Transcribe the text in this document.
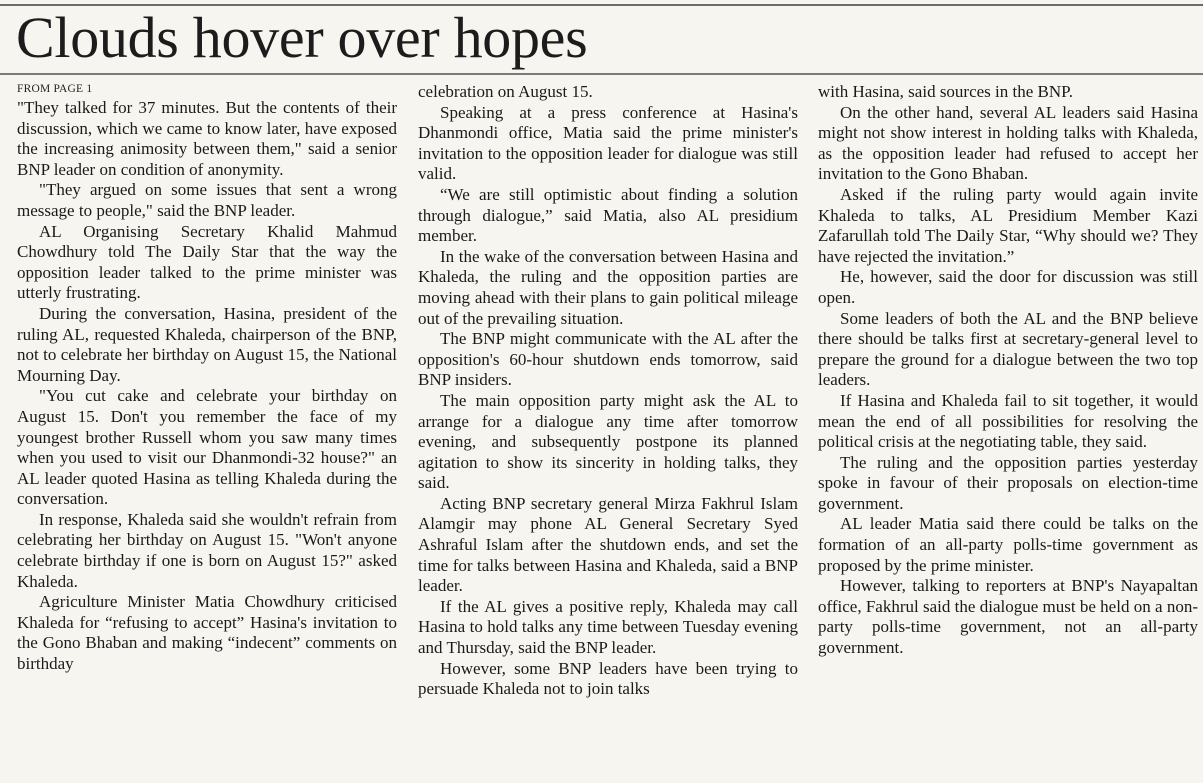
Clouds hover over hopes
FROM PAGE 1

"They talked for 37 minutes. But the contents of their discussion, which we came to know later, have exposed the increasing animosity between them," said a senior BNP leader on condition of anonymity.

"They argued on some issues that sent a wrong message to people," said the BNP leader.

AL Organising Secretary Khalid Mahmud Chowdhury told The Daily Star that the way the opposition leader talked to the prime minister was utterly frustrating.

During the conversation, Hasina, president of the ruling AL, requested Khaleda, chairperson of the BNP, not to celebrate her birthday on August 15, the National Mourning Day.

"You cut cake and celebrate your birthday on August 15. Don't you remember the face of my youngest brother Russell whom you saw many times when you used to visit our Dhanmondi-32 house?" an AL leader quoted Hasina as telling Khaleda during the conversation.

In response, Khaleda said she wouldn't refrain from celebrating her birthday on August 15. "Won't anyone celebrate birthday if one is born on August 15?" asked Khaleda.

Agriculture Minister Matia Chowdhury criticised Khaleda for “refusing to accept” Hasina's invitation to the Gono Bhaban and making “indecent” comments on birthday

celebration on August 15.

Speaking at a press conference at Hasina's Dhanmondi office, Matia said the prime minister's invitation to the opposition leader for dialogue was still valid.

“We are still optimistic about finding a solution through dialogue,” said Matia, also AL presidium member.

In the wake of the conversation between Hasina and Khaleda, the ruling and the opposition parties are moving ahead with their plans to gain political mileage out of the prevailing situation.

The BNP might communicate with the AL after the opposition's 60-hour shutdown ends tomorrow, said BNP insiders.

The main opposition party might ask the AL to arrange for a dialogue any time after tomorrow evening, and subsequently postpone its planned agitation to show its sincerity in holding talks, they said.

Acting BNP secretary general Mirza Fakhrul Islam Alamgir may phone AL General Secretary Syed Ashraful Islam after the shutdown ends, and set the time for talks between Hasina and Khaleda, said a BNP leader.

If the AL gives a positive reply, Khaleda may call Hasina to hold talks any time between Tuesday evening and Thursday, said the BNP leader.

However, some BNP leaders have been trying to persuade Khaleda not to join talks

with Hasina, said sources in the BNP.

On the other hand, several AL leaders said Hasina might not show interest in holding talks with Khaleda, as the opposition leader had refused to accept her invitation to the Gono Bhaban.

Asked if the ruling party would again invite Khaleda to talks, AL Presidium Member Kazi Zafarullah told The Daily Star, “Why should we? They have rejected the invitation.”

He, however, said the door for discussion was still open.

Some leaders of both the AL and the BNP believe there should be talks first at secretary-general level to prepare the ground for a dialogue between the two top leaders.

If Hasina and Khaleda fail to sit together, it would mean the end of all possibilities for resolving the political crisis at the negotiating table, they said.

The ruling and the opposition parties yesterday spoke in favour of their proposals on election-time government.

AL leader Matia said there could be talks on the formation of an all-party polls-time government as proposed by the prime minister.

However, talking to reporters at BNP's Nayapaltan office, Fakhrul said the dialogue must be held on a non-party polls-time government, not an all-party government.
